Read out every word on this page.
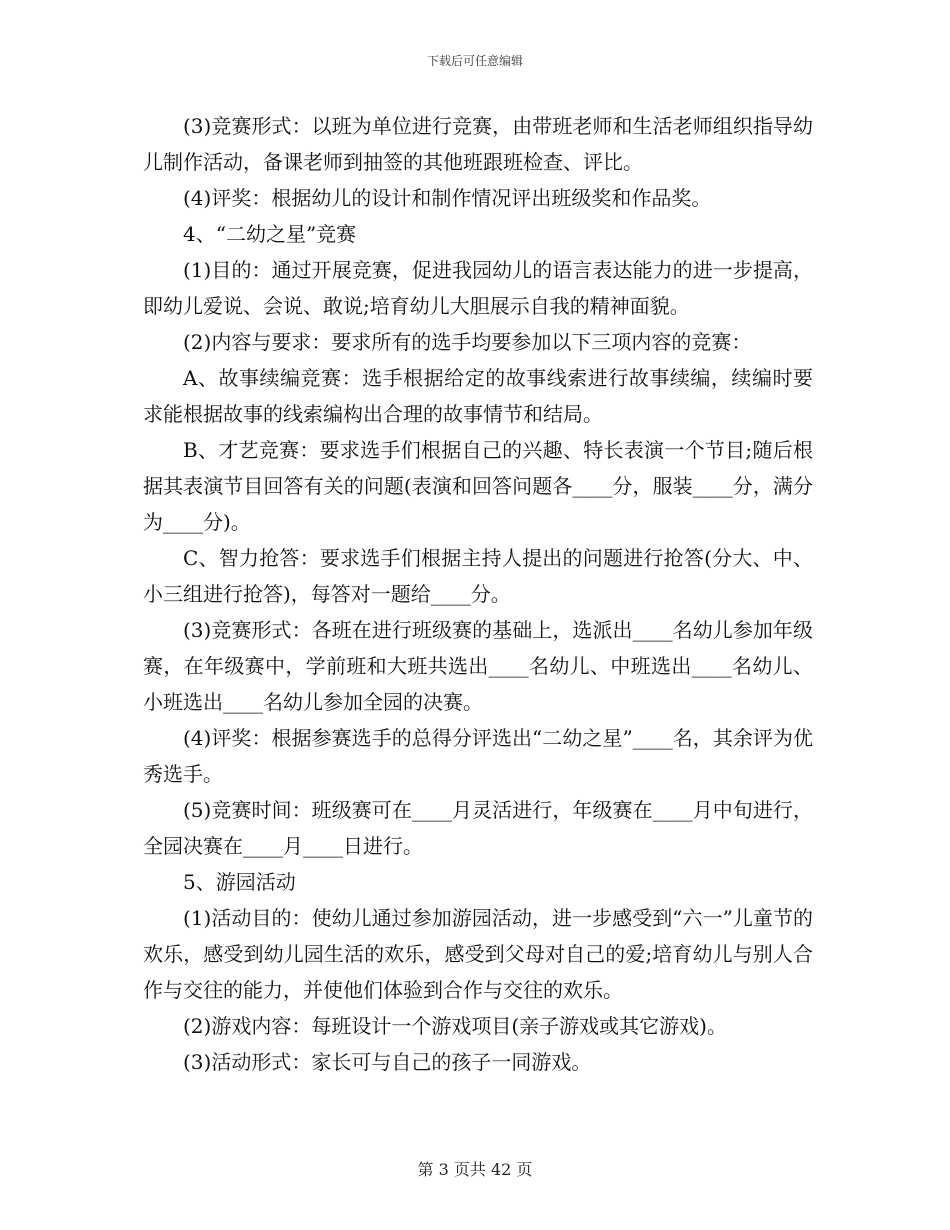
下载后可任意编辑

(3)竞赛形式：以班为单位进行竞赛，由带班老师和生活老师组织指导幼儿制作活动，备课老师到抽签的其他班跟班检查、评比。

(4)评奖：根据幼儿的设计和制作情况评出班级奖和作品奖。

4、“二幼之星”竞赛

(1)目的：通过开展竞赛，促进我园幼儿的语言表达能力的进一步提高，即幼儿爱说、会说、敢说;培育幼儿大胆展示自我的精神面貌。

(2)内容与要求：要求所有的选手均要参加以下三项内容的竞赛：

A、故事续编竞赛：选手根据给定的故事线索进行故事续编，续编时要求能根据故事的线索编构出合理的故事情节和结局。

B、才艺竞赛：要求选手们根据自己的兴趣、特长表演一个节目;随后根据其表演节目回答有关的问题(表演和回答问题各____分，服装____分，满分为____分)。

C、智力抢答：要求选手们根据主持人提出的问题进行抢答(分大、中、小三组进行抢答)，每答对一题给____分。

(3)竞赛形式：各班在进行班级赛的基础上，选派出____名幼儿参加年级赛，在年级赛中，学前班和大班共选出____名幼儿、中班选出____名幼儿、小班选出____名幼儿参加全园的决赛。

(4)评奖：根据参赛选手的总得分评选出“二幼之星”____名，其余评为优秀选手。

(5)竞赛时间：班级赛可在____月灵活进行，年级赛在____月中旬进行，全园决赛在____月____日进行。

5、游园活动

(1)活动目的：使幼儿通过参加游园活动，进一步感受到“六一”儿童节的欢乐，感受到幼儿园生活的欢乐，感受到父母对自己的爱;培育幼儿与别人合作与交往的能力，并使他们体验到合作与交往的欢乐。

(2)游戏内容：每班设计一个游戏项目(亲子游戏或其它游戏)。

(3)活动形式：家长可与自己的孩子一同游戏。

第 3 页共 42 页
